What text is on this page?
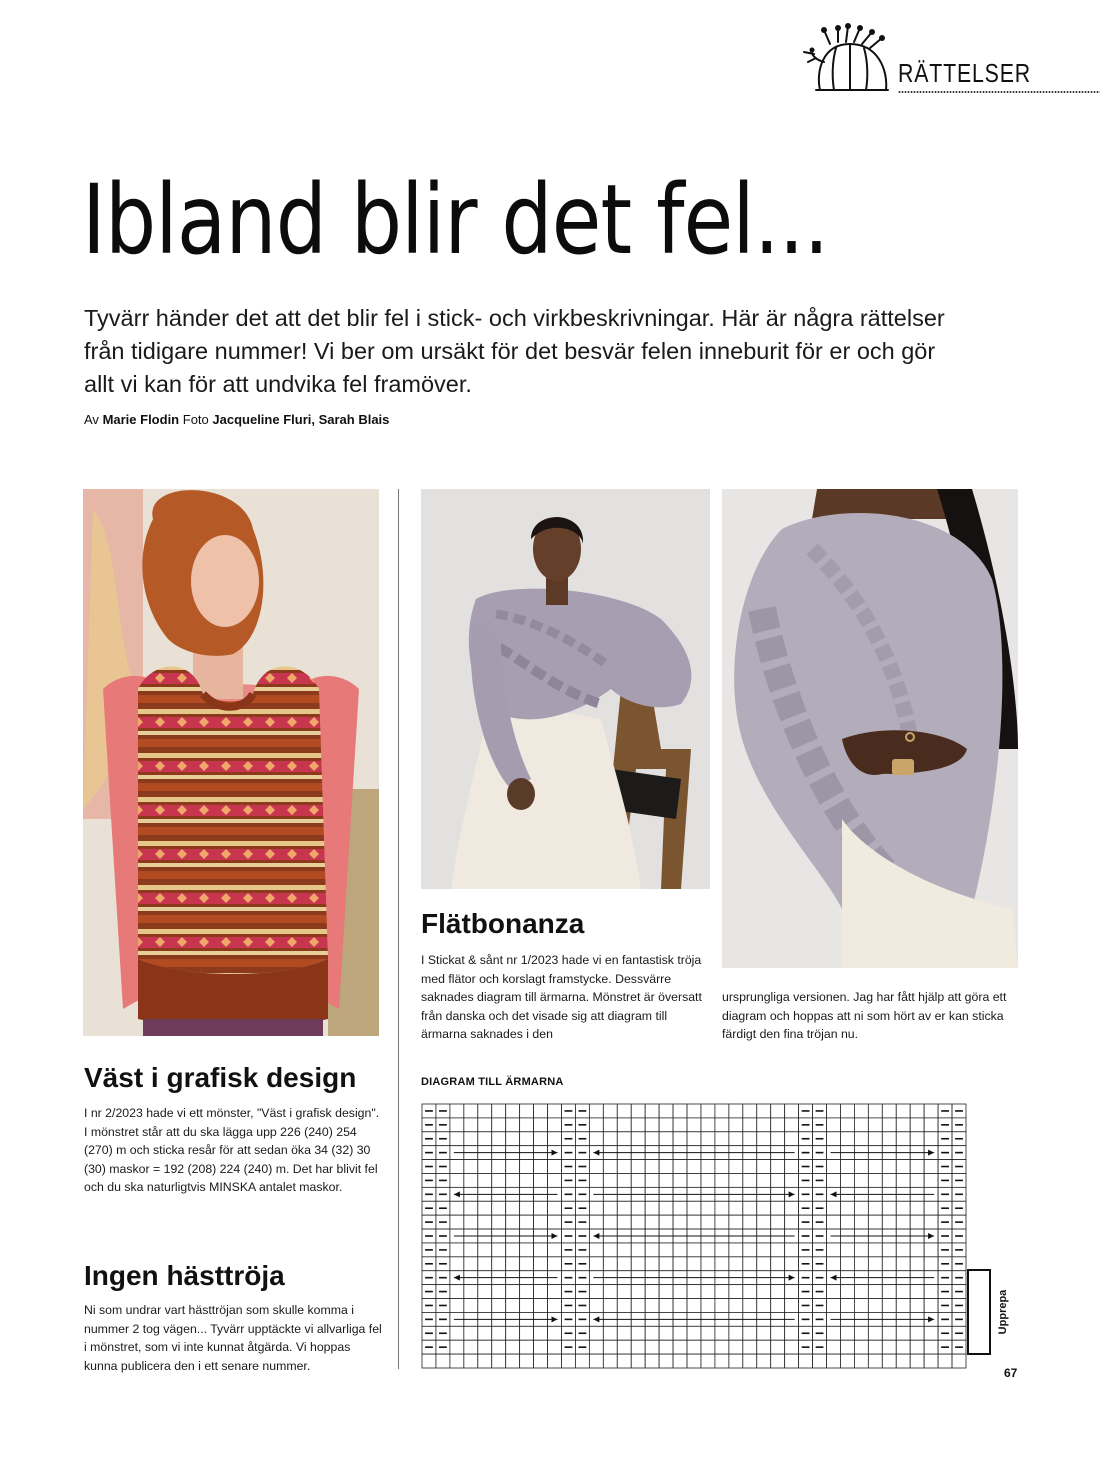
RÄTTELSER
Ibland blir det fel...

Tyvärr händer det att det blir fel i stick- och virkbeskrivningar. Här är några rättelser från tidigare nummer! Vi ber om ursäkt för det besvär felen inneburit för er och gör allt vi kan för att undvika fel framöver.

Av Marie Flodin Foto Jacqueline Fluri, Sarah Blais
Väst i grafisk design

I nr 2/2023 hade vi ett mönster, "Väst i grafisk design". I mönstret står att du ska lägga upp 226 (240) 254 (270) m och sticka resår för att sedan öka 34 (32) 30 (30) maskor = 192 (208) 224 (240) m. Det har blivit fel och du ska naturligtvis MINSKA antalet maskor.

Ingen hästtröja

Ni som undrar vart hästtröjan som skulle komma i nummer 2 tog vägen... Tyvärr upptäckte vi allvarliga fel i mönstret, som vi inte kunnat åtgärda. Vi hoppas kunna publicera den i ett senare nummer.

Flätbonanza

I Stickat & sånt nr 1/2023 hade vi en fantastisk tröja med flätor och korslagt framstycke. Dessvärre saknades diagram till ärmarna. Mönstret är översatt från danska och det visade sig att diagram till ärmarna saknades i den

ursprungliga versionen. Jag har fått hjälp att göra ett diagram och hoppas att ni som hört av er kan sticka färdigt den fina tröjan nu.

DIAGRAM TILL ÄRMARNA
Upprepa
67
